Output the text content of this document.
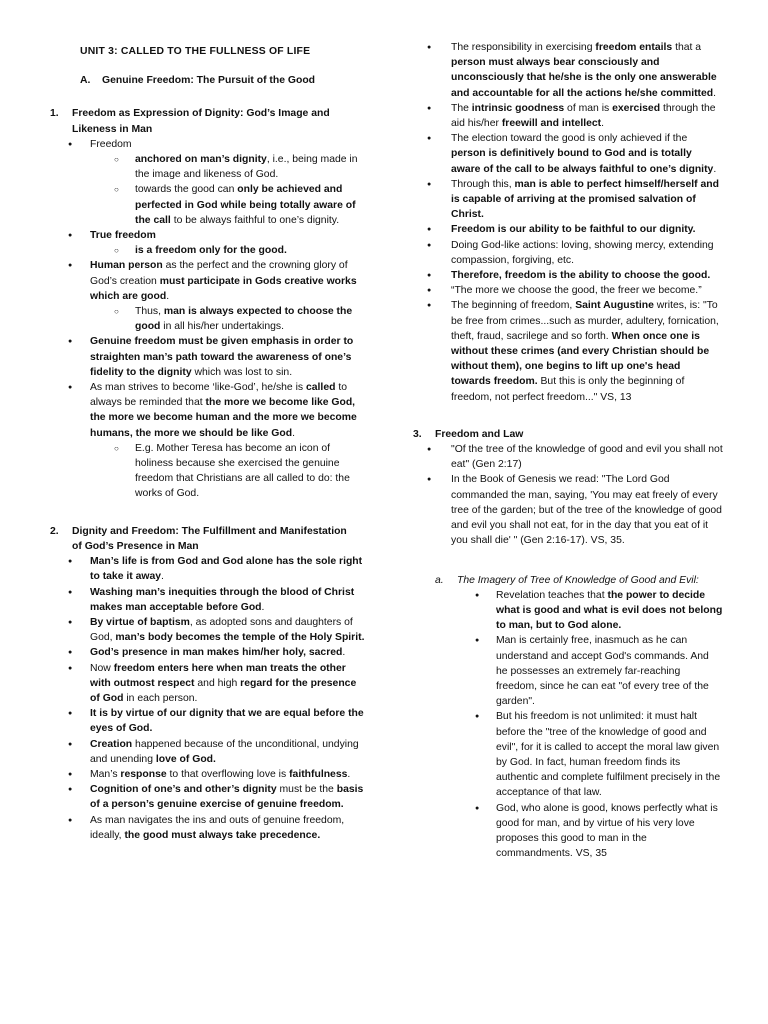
UNIT 3: CALLED TO THE FULLNESS OF LIFE
A. Genuine Freedom: The Pursuit of the Good
1. Freedom as Expression of Dignity: God’s Image and Likeness in Man
● Freedom
○ anchored on man’s dignity, i.e., being made in the image and likeness of God.
○ towards the good can only be achieved and perfected in God while being totally aware of the call to be always faithful to one’s dignity.
● True freedom
○ is a freedom only for the good.
● Human person as the perfect and the crowning glory of God’s creation must participate in Gods creative works which are good.
○ Thus, man is always expected to choose the good in all his/her undertakings.
● Genuine freedom must be given emphasis in order to straighten man’s path toward the awareness of one’s fidelity to the dignity which was lost to sin.
● As man strives to become ‘like-God’, he/she is called to always be reminded that the more we become like God, the more we become human and the more we become humans, the more we should be like God.
○ E.g. Mother Teresa has become an icon of holiness because she exercised the genuine freedom that Christians are all called to do: the works of God.
2. Dignity and Freedom: The Fulfillment and Manifestation of God’s Presence in Man
● Man’s life is from God and God alone has the sole right to take it away.
● Washing man’s inequities through the blood of Christ makes man acceptable before God.
● By virtue of baptism, as adopted sons and daughters of God, man’s body becomes the temple of the Holy Spirit.
● God’s presence in man makes him/her holy, sacred.
● Now freedom enters here when man treats the other with outmost respect and high regard for the presence of God in each person.
● It is by virtue of our dignity that we are equal before the eyes of God.
● Creation happened because of the unconditional, undying and unending love of God.
● Man’s response to that overflowing love is faithfulness.
● Cognition of one’s and other’s dignity must be the basis of a person’s genuine exercise of genuine freedom.
● As man navigates the ins and outs of genuine freedom, ideally, the good must always take precedence.
● The responsibility in exercising freedom entails that a person must always bear consciously and unconsciously that he/she is the only one answerable and accountable for all the actions he/she committed.
● The intrinsic goodness of man is exercised through the aid his/her freewill and intellect.
● The election toward the good is only achieved if the person is definitively bound to God and is totally aware of the call to be always faithful to one’s dignity.
● Through this, man is able to perfect himself/herself and is capable of arriving at the promised salvation of Christ.
● Freedom is our ability to be faithful to our dignity.
● Doing God-like actions: loving, showing mercy, extending compassion, forgiving, etc.
● Therefore, freedom is the ability to choose the good.
● “The more we choose the good, the freer we become.”
● The beginning of freedom, Saint Augustine writes, is: "To be free from crimes...such as murder, adultery, fornication, theft, fraud, sacrilege and so forth. When once one is without these crimes (and every Christian should be without them), one begins to lift up one's head towards freedom. But this is only the beginning of freedom, not perfect freedom..." VS, 13
3. Freedom and Law
● "Of the tree of the knowledge of good and evil you shall not eat" (Gen 2:17)
● In the Book of Genesis we read: "The Lord God commanded the man, saying, 'You may eat freely of every tree of the garden; but of the tree of the knowledge of good and evil you shall not eat, for in the day that you eat of it you shall die' " (Gen 2:16-17). VS, 35.
a. The Imagery of Tree of Knowledge of Good and Evil:
● Revelation teaches that the power to decide what is good and what is evil does not belong to man, but to God alone.
● Man is certainly free, inasmuch as he can understand and accept God's commands. And he possesses an extremely far-reaching freedom, since he can eat "of every tree of the garden".
● But his freedom is not unlimited: it must halt before the "tree of the knowledge of good and evil", for it is called to accept the moral law given by God. In fact, human freedom finds its authentic and complete fulfilment precisely in the acceptance of that law.
● God, who alone is good, knows perfectly what is good for man, and by virtue of his very love proposes this good to man in the commandments. VS, 35
